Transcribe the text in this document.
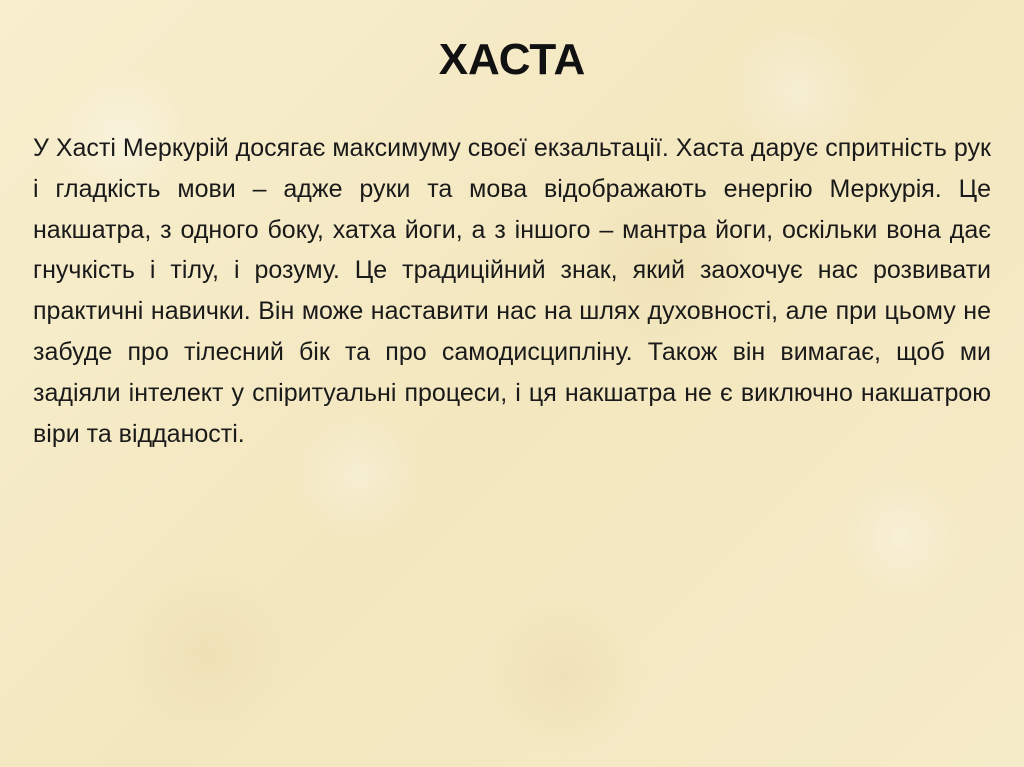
ХАСТА

У Хасті Меркурій досягає максимуму своєї екзальтації. Хаста дарує спритність рук і гладкість мови – адже руки та мова відображають енергію Меркурія. Це накшатра, з одного боку, хатха йоги, а з іншого – мантра йоги, оскільки вона дає гнучкість і тілу, і розуму. Це традиційний знак, який заохочує нас розвивати практичні навички. Він може наставити нас на шлях духовності, але при цьому не забуде про тілесний бік та про самодисципліну. Також він вимагає, щоб ми задіяли інтелект у спіритуальні процеси, і ця накшатра не є виключно накшатрою віри та відданості.
